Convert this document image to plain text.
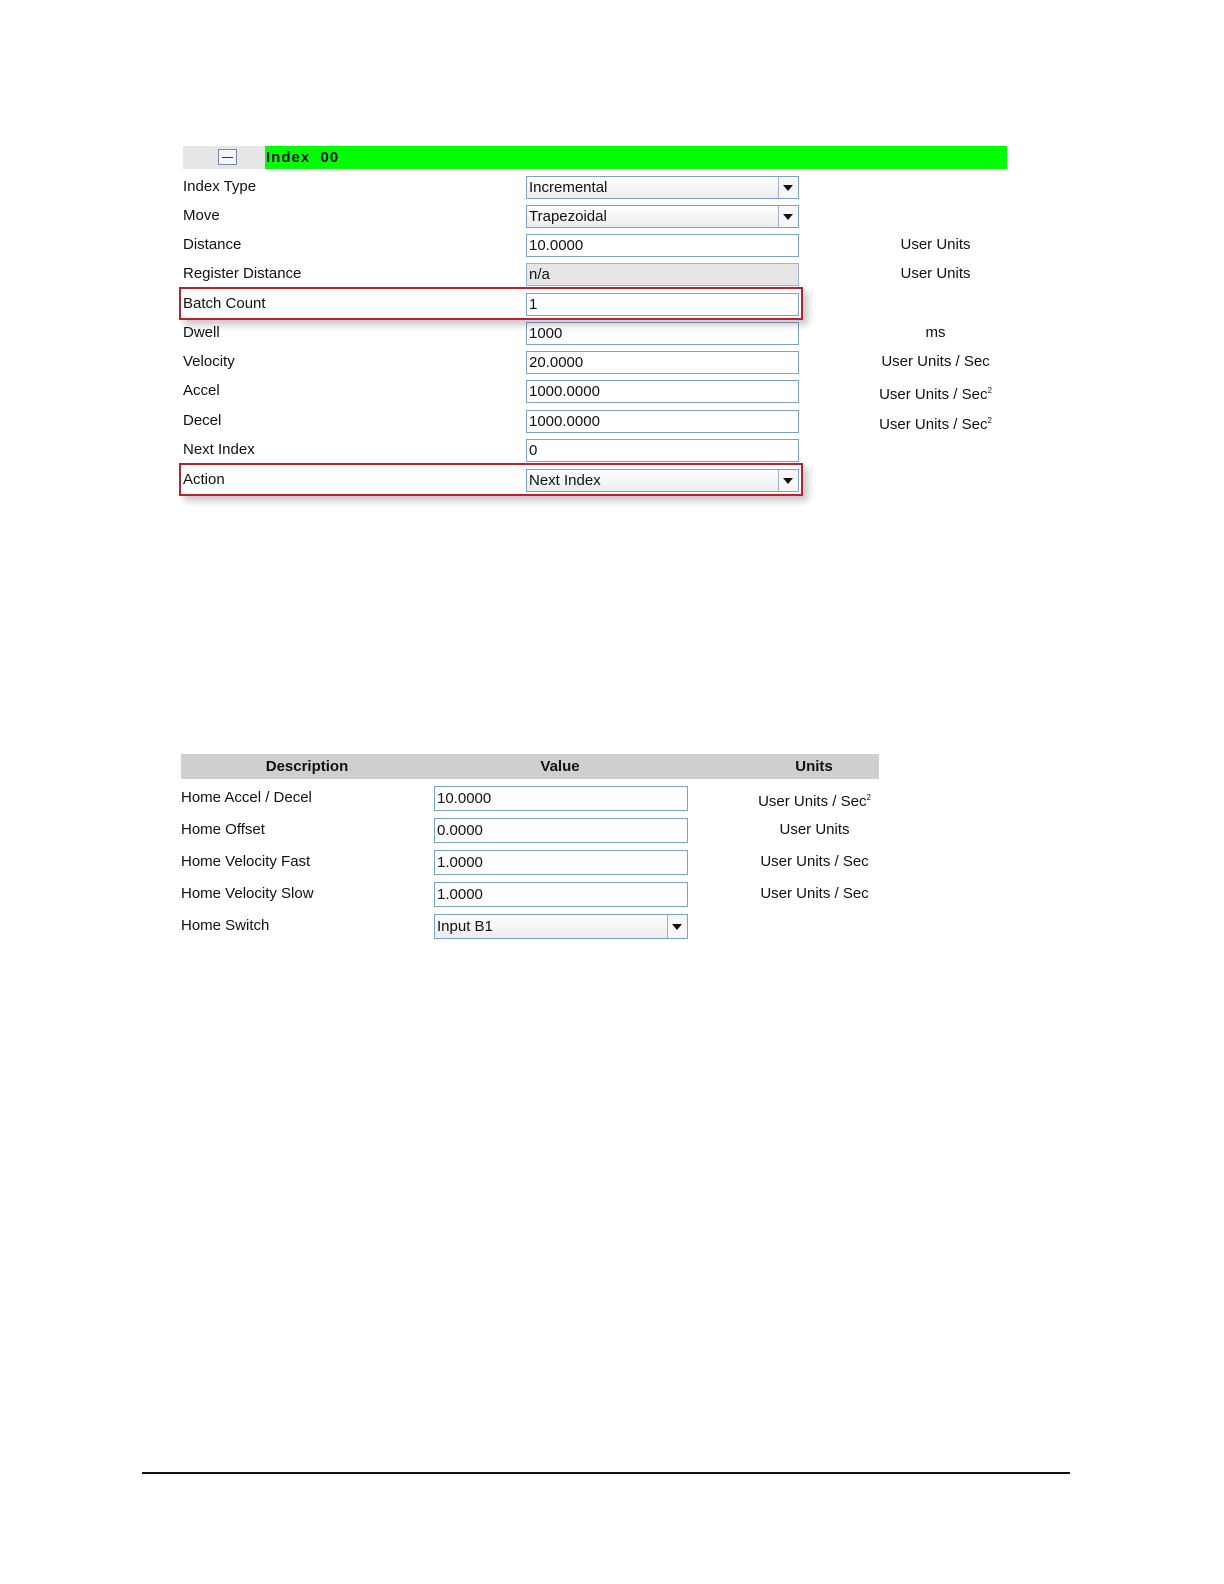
Index  00
Index Type	Incremental
Move	Trapezoidal
Distance	10.0000	User Units
Register Distance	n/a	User Units
Batch Count	1
Dwell	1000	ms
Velocity	20.0000	User Units / Sec
Accel	1000.0000	User Units / Sec$^2$
Decel	1000.0000	User Units / Sec$^2$
Next Index	0
Action	Next Index
Description	Value	Units
Home Accel / Decel	10.0000	User Units / Sec$^2$
Home Offset	0.0000	User Units
Home Velocity Fast	1.0000	User Units / Sec
Home Velocity Slow	1.0000	User Units / Sec
Home Switch	Input B1
